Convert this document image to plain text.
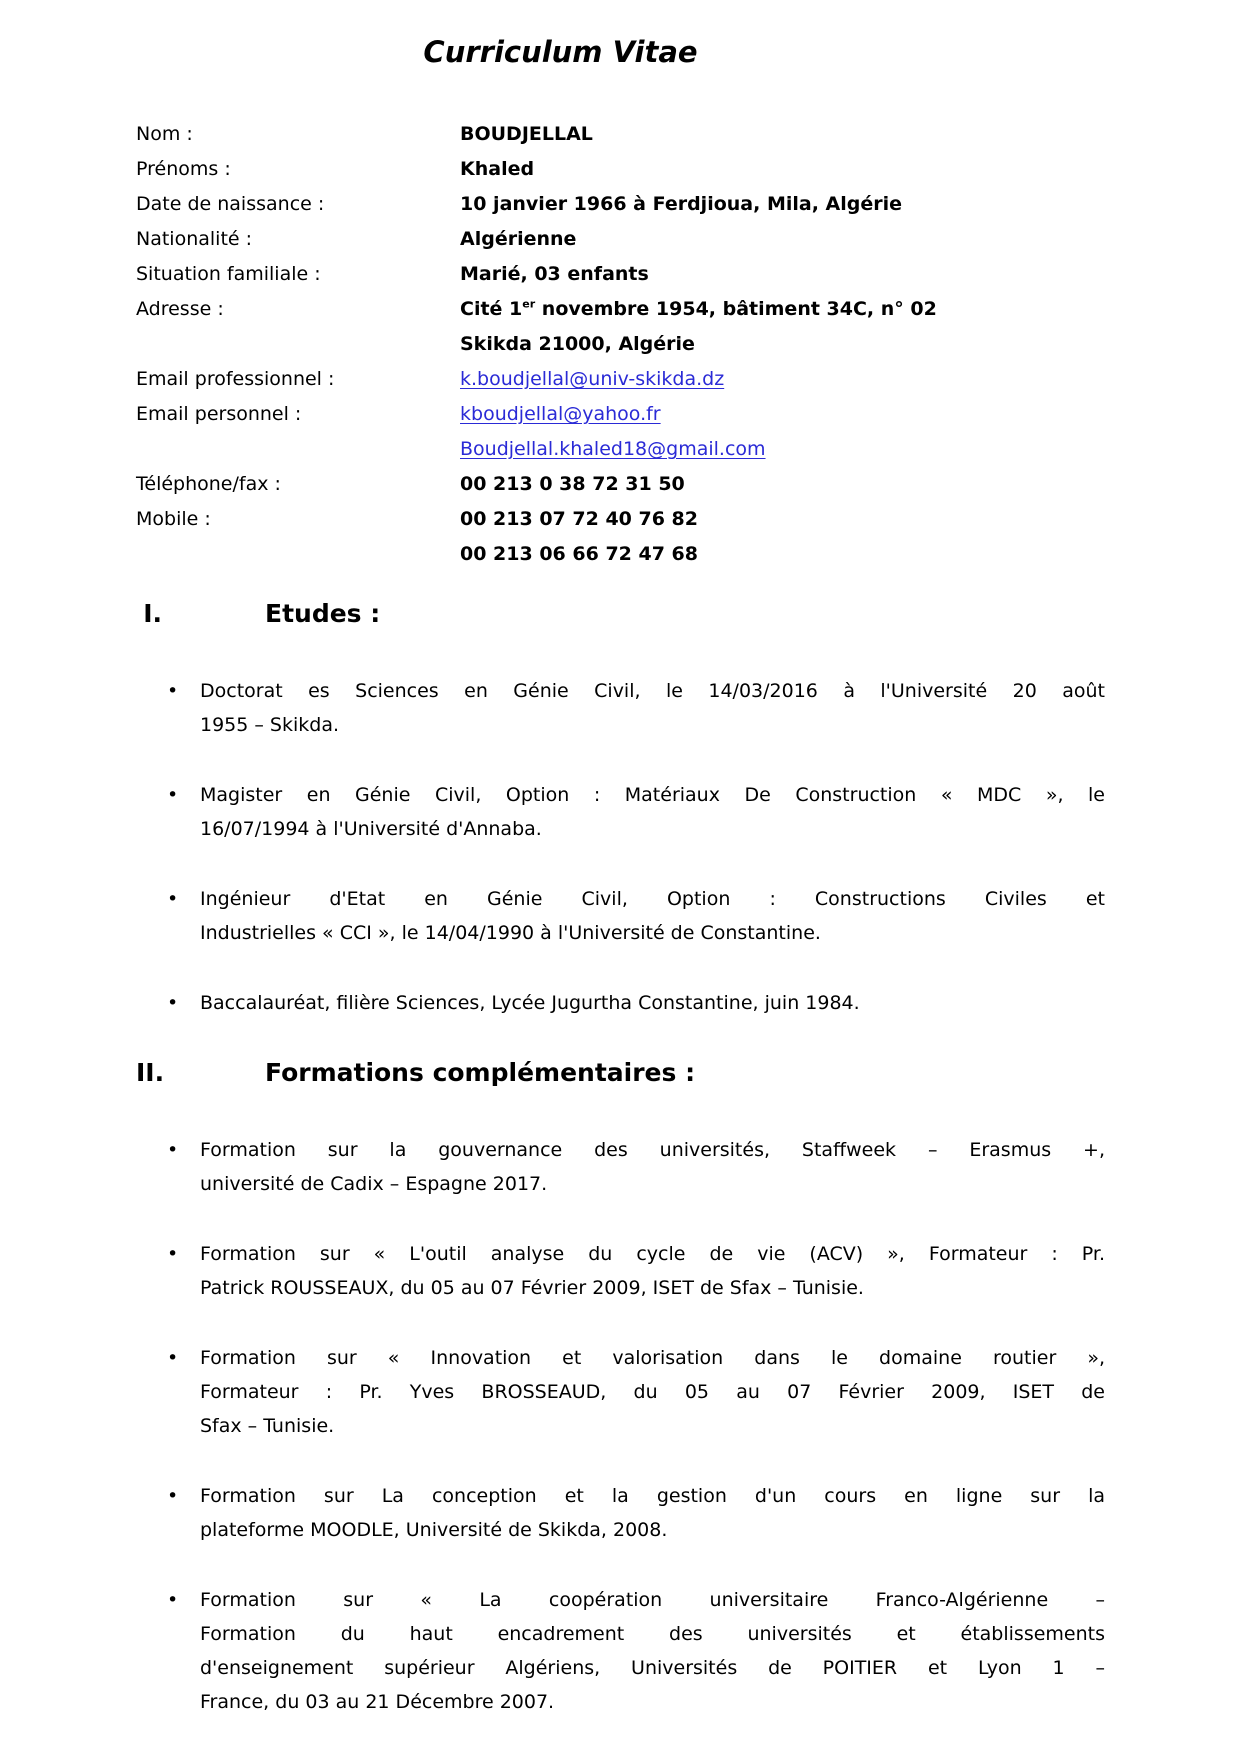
Curriculum Vitae
Nom :	BOUDJELLAL
Prénoms :	Khaled
Date de naissance :	10 janvier 1966 à Ferdjioua, Mila, Algérie
Nationalité :	Algérienne
Situation familiale :	Marié, 03 enfants
Adresse :	Cité 1er novembre 1954, bâtiment 34C, n° 02
Skikda 21000, Algérie
Email professionnel :	k.boudjellal@univ-skikda.dz
Email personnel :	kboudjellal@yahoo.fr
Boudjellal.khaled18@gmail.com
Téléphone/fax :	00 213 0 38 72 31 50
Mobile :	00 213 07 72 40 76 82
00 213 06 66 72 47 68
I.	Etudes :
• Doctorat es Sciences en Génie Civil, le 14/03/2016 à l'Université 20 août
1955 – Skikda.
• Magister en Génie Civil, Option : Matériaux De Construction « MDC », le
16/07/1994 à l'Université d'Annaba.
• Ingénieur d'Etat en Génie Civil, Option : Constructions Civiles et
Industrielles « CCI », le 14/04/1990 à l'Université de Constantine.
• Baccalauréat, filière Sciences, Lycée Jugurtha Constantine, juin 1984.
II.	Formations complémentaires :
• Formation sur la gouvernance des universités, Staffweek – Erasmus +,
université de Cadix – Espagne 2017.
• Formation sur « L'outil analyse du cycle de vie (ACV) », Formateur : Pr.
Patrick ROUSSEAUX, du 05 au 07 Février 2009, ISET de Sfax – Tunisie.
• Formation sur « Innovation et valorisation dans le domaine routier »,
Formateur : Pr. Yves BROSSEAUD, du 05 au 07 Février 2009, ISET de
Sfax – Tunisie.
• Formation sur La conception et la gestion d'un cours en ligne sur la
plateforme MOODLE, Université de Skikda, 2008.
• Formation sur « La coopération universitaire Franco-Algérienne –
Formation du haut encadrement des universités et établissements
d'enseignement supérieur Algériens, Universités de POITIER et Lyon 1 –
France, du 03 au 21 Décembre 2007.
